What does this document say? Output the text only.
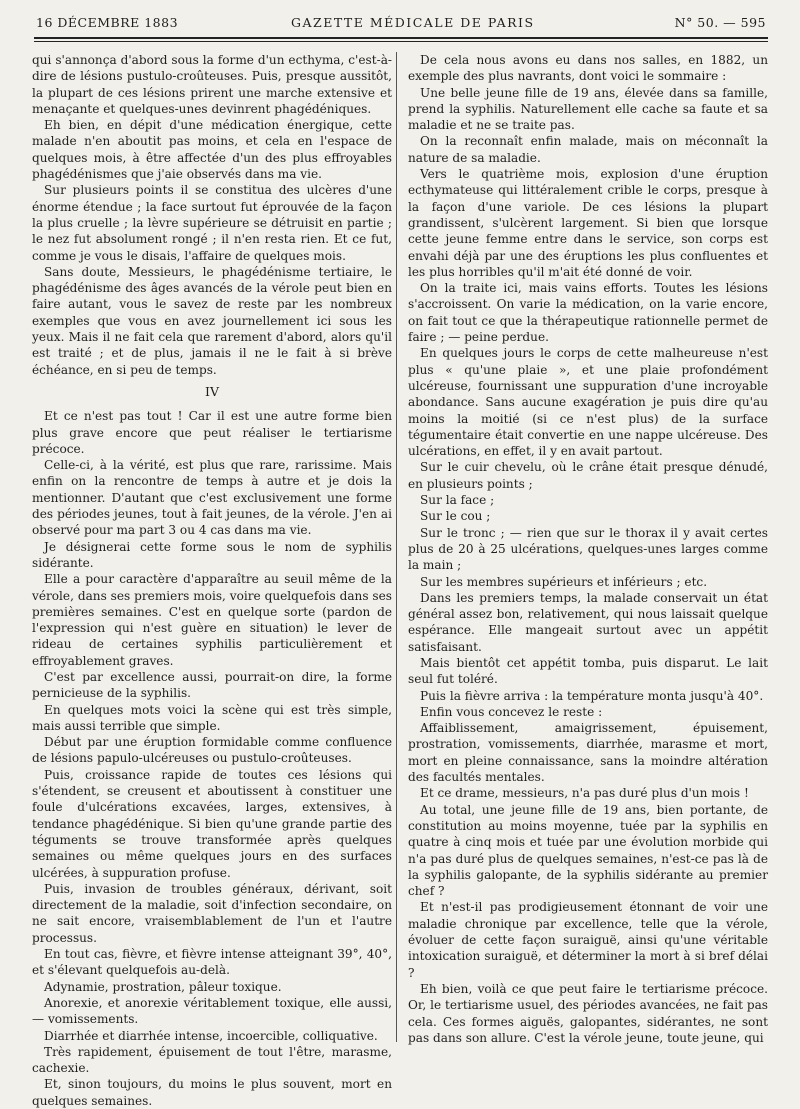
16 DÉCEMBRE 1883	GAZETTE MÉDICALE DE PARIS	N° 50. — 595

qui s'annonça d'abord sous la forme d'un ecthyma, c'est-à-dire de lésions pustulo-croûteuses. Puis, presque aussitôt, la plupart de ces lésions prirent une marche extensive et menaçante et quelques-unes devinrent phagédéniques.

Eh bien, en dépit d'une médication énergique, cette malade n'en aboutit pas moins, et cela en l'espace de quelques mois, à être affectée d'un des plus effroyables phagédénismes que j'aie observés dans ma vie.

Sur plusieurs points il se constitua des ulcères d'une énorme étendue ; la face surtout fut éprouvée de la façon la plus cruelle ; la lèvre supérieure se détruisit en partie ; le nez fut absolument rongé ; il n'en resta rien. Et ce fut, comme je vous le disais, l'affaire de quelques mois.

Sans doute, Messieurs, le phagédénisme tertiaire, le phagédénisme des âges avancés de la vérole peut bien en faire autant, vous le savez de reste par les nombreux exemples que vous en avez journellement ici sous les yeux. Mais il ne fait cela que rarement d'abord, alors qu'il est traité ; et de plus, jamais il ne le fait à si brève échéance, en si peu de temps.

IV

Et ce n'est pas tout ! Car il est une autre forme bien plus grave encore que peut réaliser le tertiarisme précoce.

Celle-ci, à la vérité, est plus que rare, rarissime. Mais enfin on la rencontre de temps à autre et je dois la mentionner. D'autant que c'est exclusivement une forme des périodes jeunes, tout à fait jeunes, de la vérole. J'en ai observé pour ma part 3 ou 4 cas dans ma vie.

Je désignerai cette forme sous le nom de syphilis sidérante.

Elle a pour caractère d'apparaître au seuil même de la vérole, dans ses premiers mois, voire quelquefois dans ses premières semaines. C'est en quelque sorte (pardon de l'expression qui n'est guère en situation) le lever de rideau de certaines syphilis particulièrement et effroyablement graves.

C'est par excellence aussi, pourrait-on dire, la forme pernicieuse de la syphilis.

En quelques mots voici la scène qui est très simple, mais aussi terrible que simple.

Début par une éruption formidable comme confluence de lésions papulo-ulcéreuses ou pustulo-croûteuses.

Puis, croissance rapide de toutes ces lésions qui s'étendent, se creusent et aboutissent à constituer une foule d'ulcérations excavées, larges, extensives, à tendance phagédénique. Si bien qu'une grande partie des téguments se trouve transformée après quelques semaines ou même quelques jours en des surfaces ulcérées, à suppuration profuse.

Puis, invasion de troubles généraux, dérivant, soit directement de la maladie, soit d'infection secondaire, on ne sait encore, vraisemblablement de l'un et l'autre processus.

En tout cas, fièvre, et fièvre intense atteignant 39°, 40°, et s'élevant quelquefois au-delà.

Adynamie, prostration, pâleur toxique.

Anorexie, et anorexie véritablement toxique, elle aussi, — vomissements.

Diarrhée et diarrhée intense, incoercible, colliquative.

Très rapidement, épuisement de tout l'être, marasme, cachexie.

Et, sinon toujours, du moins le plus souvent, mort en quelques semaines.

De cela nous avons eu dans nos salles, en 1882, un exemple des plus navrants, dont voici le sommaire :

Une belle jeune fille de 19 ans, élevée dans sa famille, prend la syphilis. Naturellement elle cache sa faute et sa maladie et ne se traite pas.

On la reconnaît enfin malade, mais on méconnaît la nature de sa maladie.

Vers le quatrième mois, explosion d'une éruption ecthymateuse qui littéralement crible le corps, presque à la façon d'une variole. De ces lésions la plupart grandissent, s'ulcèrent largement. Si bien que lorsque cette jeune femme entre dans le service, son corps est envahi déjà par une des éruptions les plus confluentes et les plus horribles qu'il m'ait été donné de voir.

On la traite ici, mais vains efforts. Toutes les lésions s'accroissent. On varie la médication, on la varie encore, on fait tout ce que la thérapeutique rationnelle permet de faire ; — peine perdue.

En quelques jours le corps de cette malheureuse n'est plus « qu'une plaie », et une plaie profondément ulcéreuse, fournissant une suppuration d'une incroyable abondance. Sans aucune exagération je puis dire qu'au moins la moitié (si ce n'est plus) de la surface tégumentaire était convertie en une nappe ulcéreuse. Des ulcérations, en effet, il y en avait partout.

Sur le cuir chevelu, où le crâne était presque dénudé, en plusieurs points ;

Sur la face ;

Sur le cou ;

Sur le tronc ; — rien que sur le thorax il y avait certes plus de 20 à 25 ulcérations, quelques-unes larges comme la main ;

Sur les membres supérieurs et inférieurs ; etc.

Dans les premiers temps, la malade conservait un état général assez bon, relativement, qui nous laissait quelque espérance. Elle mangeait surtout avec un appétit satisfaisant.

Mais bientôt cet appétit tomba, puis disparut. Le lait seul fut toléré.

Puis la fièvre arriva : la température monta jusqu'à 40°.

Enfin vous concevez le reste :

Affaiblissement, amaigrissement, épuisement, prostration, vomissements, diarrhée, marasme et mort, mort en pleine connaissance, sans la moindre altération des facultés mentales.

Et ce drame, messieurs, n'a pas duré plus d'un mois !

Au total, une jeune fille de 19 ans, bien portante, de constitution au moins moyenne, tuée par la syphilis en quatre à cinq mois et tuée par une évolution morbide qui n'a pas duré plus de quelques semaines, n'est-ce pas là de la syphilis galopante, de la syphilis sidérante au premier chef ?

Et n'est-il pas prodigieusement étonnant de voir une maladie chronique par excellence, telle que la vérole, évoluer de cette façon suraiguë, ainsi qu'une véritable intoxication suraiguë, et déterminer la mort à si bref délai ?

Eh bien, voilà ce que peut faire le tertiarisme précoce. Or, le tertiarisme usuel, des périodes avancées, ne fait pas cela. Ces formes aiguës, galopantes, sidérantes, ne sont pas dans son allure. C'est la vérole jeune, toute jeune, qui
